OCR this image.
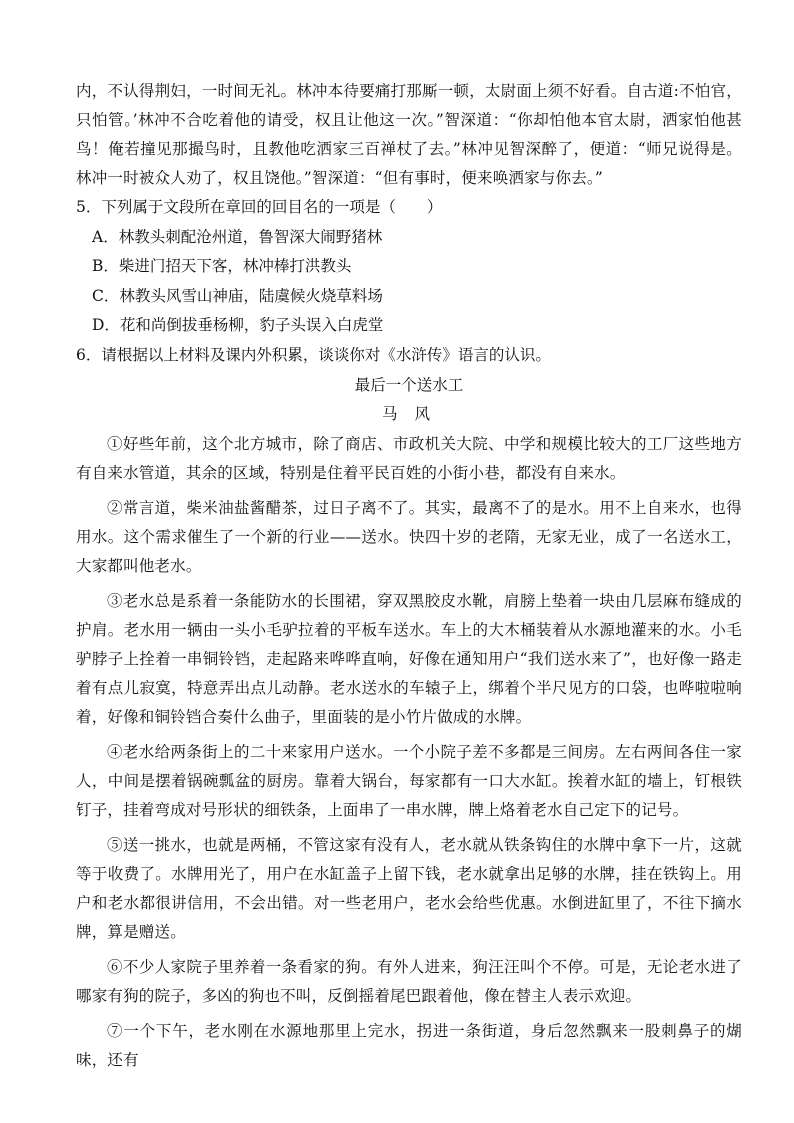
内，不认得荆妇，一时间无礼。林冲本待要痛打那厮一顿，太尉面上须不好看。自古道:不怕官，只怕管。’林冲不合吃着他的请受，权且让他这一次。”智深道：“你却怕他本官太尉，洒家怕他甚鸟！俺若撞见那撮鸟时，且教他吃洒家三百禅杖了去。”林冲见智深醉了，便道：“师兄说得是。林冲一时被众人劝了，权且饶他。”智深道：“但有事时，便来唤洒家与你去。”

5．下列属于文段所在章回的回目名的一项是（　　）

A．林教头刺配沧州道，鲁智深大闹野猪林

B．柴进门招天下客，林冲棒打洪教头

C．林教头风雪山神庙，陆虞候火烧草料场

D．花和尚倒拔垂杨柳，豹子头误入白虎堂

6．请根据以上材料及课内外积累，谈谈你对《水浒传》语言的认识。

最后一个送水工

马 风

①好些年前，这个北方城市，除了商店、市政机关大院、中学和规模比较大的工厂这些地方有自来水管道，其余的区域，特别是住着平民百姓的小街小巷，都没有自来水。

②常言道，柴米油盐酱醋茶，过日子离不了。其实，最离不了的是水。用不上自来水，也得用水。这个需求催生了一个新的行业——送水。快四十岁的老隋，无家无业，成了一名送水工，大家都叫他老水。

③老水总是系着一条能防水的长围裙，穿双黑胶皮水靴，肩膀上垫着一块由几层麻布缝成的护肩。老水用一辆由一头小毛驴拉着的平板车送水。车上的大木桶装着从水源地灌来的水。小毛驴脖子上拴着一串铜铃铛，走起路来哗哗直响，好像在通知用户“我们送水来了”，也好像一路走着有点儿寂寞，特意弄出点儿动静。老水送水的车辕子上，绑着个半尺见方的口袋，也哗啦啦响着，好像和铜铃铛合奏什么曲子，里面装的是小竹片做成的水牌。

④老水给两条街上的二十来家用户送水。一个小院子差不多都是三间房。左右两间各住一家人，中间是摆着锅碗瓢盆的厨房。靠着大锅台，每家都有一口大水缸。挨着水缸的墙上，钉根铁钉子，挂着弯成对号形状的细铁条，上面串了一串水牌，牌上烙着老水自己定下的记号。

⑤送一挑水，也就是两桶，不管这家有没有人，老水就从铁条钩住的水牌中拿下一片，这就等于收费了。水牌用光了，用户在水缸盖子上留下钱，老水就拿出足够的水牌，挂在铁钩上。用户和老水都很讲信用，不会出错。对一些老用户，老水会给些优惠。水倒进缸里了，不往下摘水牌，算是赠送。

⑥不少人家院子里养着一条看家的狗。有外人进来，狗汪汪叫个不停。可是，无论老水进了哪家有狗的院子，多凶的狗也不叫，反倒摇着尾巴跟着他，像在替主人表示欢迎。

⑦一个下午，老水刚在水源地那里上完水，拐进一条街道，身后忽然飘来一股刺鼻子的煳味，还有
